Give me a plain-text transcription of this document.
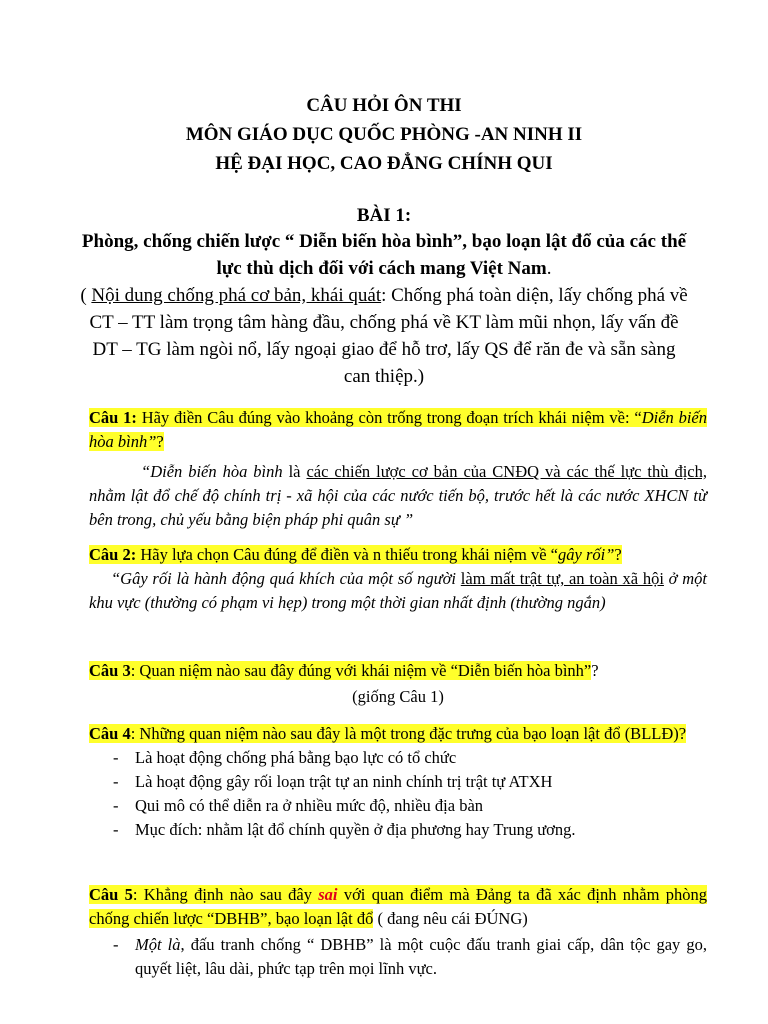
CÂU HỎI ÔN THI
MÔN GIÁO DỤC QUỐC PHÒNG -AN NINH II
HỆ ĐẠI HỌC, CAO ĐẲNG CHÍNH QUI
BÀI 1:

Phòng, chống chiến lược “ Diễn biến hòa bình”, bạo loạn lật đổ của các thế lực thù dịch đối với cách mang Việt Nam.

( Nội dung chống phá cơ bản, khái quát: Chống phá toàn diện, lấy chống phá về CT – TT làm trọng tâm hàng đầu, chống phá về KT làm mũi nhọn, lấy vấn đề DT – TG làm ngòi nổ, lấy ngoại giao để hỗ trơ, lấy QS để răn đe và sẵn sàng can thiệp.)

Câu 1: Hãy điền Câu đúng vào khoảng còn trống trong đoạn trích khái niệm về: “Diễn biến hòa bình”?

“Diễn biến hòa bình là các chiến lược cơ bản của CNĐQ và các thế lực thù địch, nhằm lật đổ chế độ chính trị - xã hội của các nước tiến bộ, trước hết là các nước XHCN từ bên trong, chủ yếu bằng biện pháp phi quân sự ”

Câu 2: Hãy lựa chọn Câu đúng để điền và n thiếu trong khái niệm về “gây rối”?

“Gây rối là hành động quá khích của một số người làm mất trật tự, an toàn xã hội ở một khu vực (thường có phạm vi hẹp) trong một thời gian nhất định (thường ngắn)

Câu 3: Quan niệm nào sau đây đúng với khái niệm về “Diễn biến hòa bình”?

(giống Câu 1)

Câu 4: Những quan niệm nào sau đây là một trong đặc trưng của bạo loạn lật đổ (BLLĐ)?

- Là hoạt động chống phá bằng bạo lực có tổ chức
- Là hoạt động gây rối loạn trật tự an ninh chính trị trật tự ATXH
- Qui mô có thể diễn ra ở nhiều mức độ, nhiều địa bàn
- Mục đích: nhằm lật đổ chính quyền ở địa phương hay Trung ương.

Câu 5: Khẳng định nào sau đây sai với quan điểm mà Đảng ta đã xác định nhằm phòng chống chiến lược “DBHB”, bạo loạn lật đổ ( đang nêu cái ĐÚNG)

- Một là, đấu tranh chống “ DBHB” là một cuộc đấu tranh giai cấp, dân tộc gay go, quyết liệt, lâu dài, phức tạp trên mọi lĩnh vực.
